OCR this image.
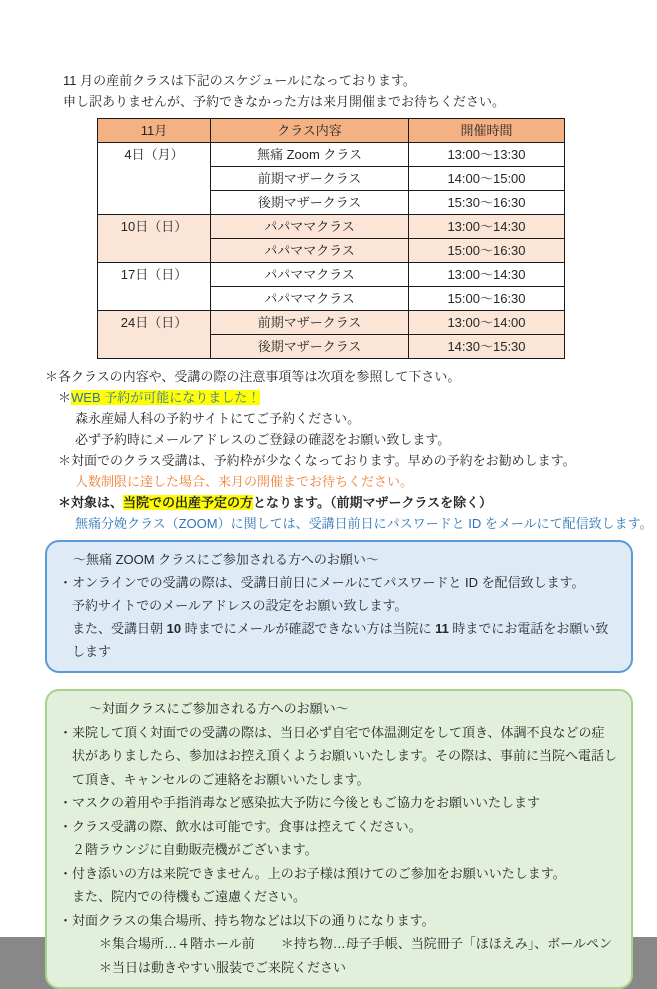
11 月の産前クラスは下記のスケジュールになっております。
申し訳ありませんが、予約できなかった方は来月開催までお待ちください。
11月	クラス内容	開催時間
4日（月）	無痛 Zoom クラス	13:00～13:30
	前期マザークラス	14:00～15:00
	後期マザークラス	15:30～16:30
10日（日）	パパママクラス	13:00～14:30
	パパママクラス	15:00～16:30
17日（日）	パパママクラス	13:00～14:30
	パパママクラス	15:00～16:30
24日（日）	前期マザークラス	13:00～14:00
	後期マザークラス	14:30～15:30
＊各クラスの内容や、受講の際の注意事項等は次項を参照して下さい。
＊WEB 予約が可能になりました！
森永産婦人科の予約サイトにてご予約ください。
必ず予約時にメールアドレスのご登録の確認をお願い致します。
＊対面でのクラス受講は、予約枠が少なくなっております。早めの予約をお勧めします。
人数制限に達した場合、来月の開催までお待ちください。
＊対象は、当院での出産予定の方となります。（前期マザークラスを除く）
無痛分娩クラス（ZOOM）に関しては、受講日前日にパスワードと ID をメールにて配信致します。
～無痛 ZOOM クラスにご参加される方へのお願い～
・オンラインでの受講の際は、受講日前日にメールにてパスワードと ID を配信致します。
予約サイトでのメールアドレスの設定をお願い致します。
また、受講日朝 10 時までにメールが確認できない方は当院に 11 時までにお電話をお願い致します
～対面クラスにご参加される方へのお願い～
・来院して頂く対面での受講の際は、当日必ず自宅で体温測定をして頂き、体調不良などの症状がありましたら、参加はお控え頂くようお願いいたします。その際は、事前に当院へ電話して頂き、キャンセルのご連絡をお願いいたします。
・マスクの着用や手指消毒など感染拡大予防に今後ともご協力をお願いいたします
・クラス受講の際、飲水は可能です。食事は控えてください。
２階ラウンジに自動販売機がございます。
・付き添いの方は来院できません。上のお子様は預けてのご参加をお願いいたします。
また、院内での待機もご遠慮ください。
・対面クラスの集合場所、持ち物などは以下の通りになります。
＊集合場所…４階ホール前　　＊持ち物…母子手帳、当院冊子「ほほえみ」、ボールペン
＊当日は動きやすい服装でご来院ください
